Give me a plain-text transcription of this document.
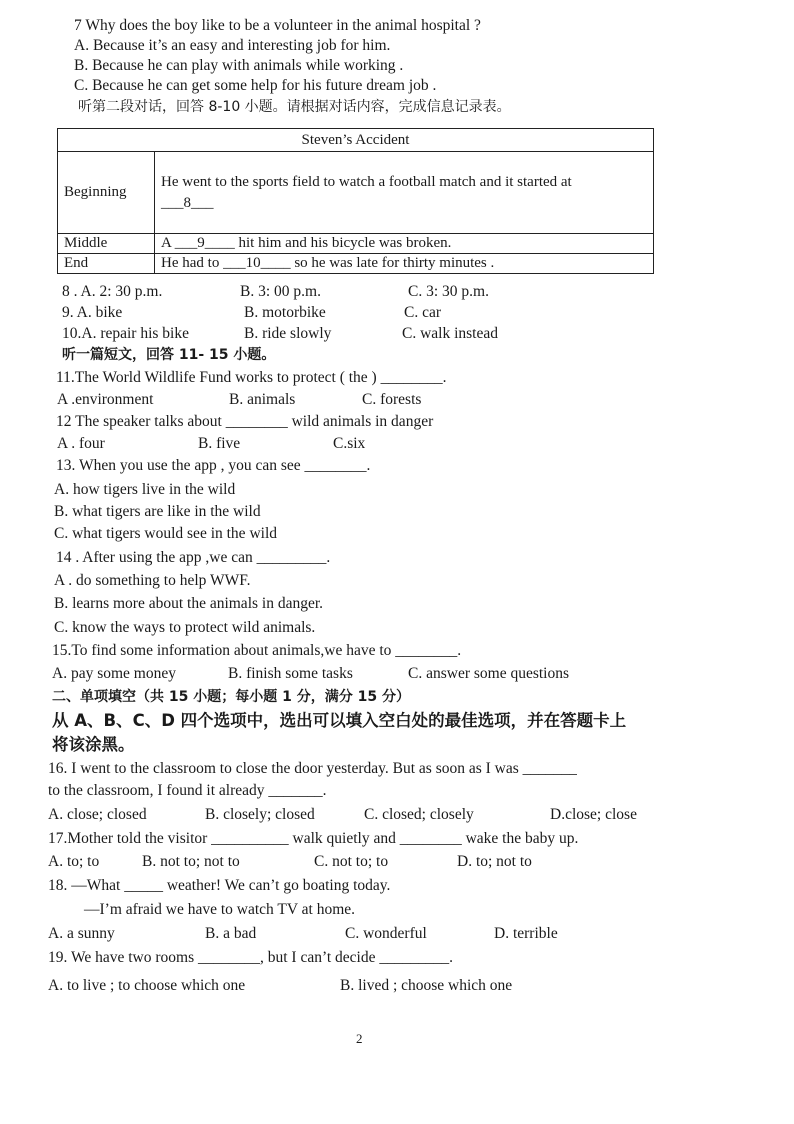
7 Why does the boy like to be a volunteer in the animal hospital ?
A. Because it’s an easy and interesting job for him.
B. Because he can play with animals while working .
C. Because he can get some help for his future dream job .
听第二段对话，回答 8-10 小题。请根据对话内容，完成信息记录表。
Steven’s Accident	
Beginning	He went to the sports field to watch a football match and it started at
___8___

Middle	A ___9____ hit him and his bicycle was broken.
End	He had to ___10____ so he was late for thirty minutes .
8 . A. 2: 30 p.m.	B. 3: 00 p.m.	C. 3: 30 p.m.
9. A. bike	B. motorbike	C. car
10.A. repair his bike	B. ride slowly	C. walk instead
听一篇短文，回答 11- 15 小题。
11.The World Wildlife Fund works to protect ( the ) ________.
A .environment	B. animals	C. forests
12 The speaker talks about ________ wild animals in danger
A . four	B. five	C.six
13. When you use the app , you can see ________.
A. how tigers live in the wild
B. what tigers are like in the wild
C. what tigers would see in the wild
14 . After using the app ,we can _________.
A . do something to help WWF.
B. learns more about the animals in danger.
C. know the ways to protect wild animals.
15.To find some information about animals,we have to ________.
A. pay some money	B. finish some tasks	C. answer some questions
二、单项填空（共 15 小题；每小题 1 分，满分 15 分）
从 A、B、C、D 四个选项中，选出可以填入空白处的最佳选项，并在答题卡上
将该涂黑。
16. I went to the classroom to close the door yesterday. But as soon as I was _______
to the classroom, I found it already _______.
A. close; closed	B. closely; closed	C. closed; closely	D.close; close
17.Mother told the visitor __________ walk quietly and ________ wake the baby up.
A. to; to	B. not to; not to	C. not to; to	D. to; not to
18. —What _____ weather! We can’t go boating today.
—I’m afraid we have to watch TV at home.
A. a sunny	B. a bad	C. wonderful	D. terrible
19. We have two rooms ________, but I can’t decide _________.
A. to live ; to choose which one	B. lived ; choose which one
2
